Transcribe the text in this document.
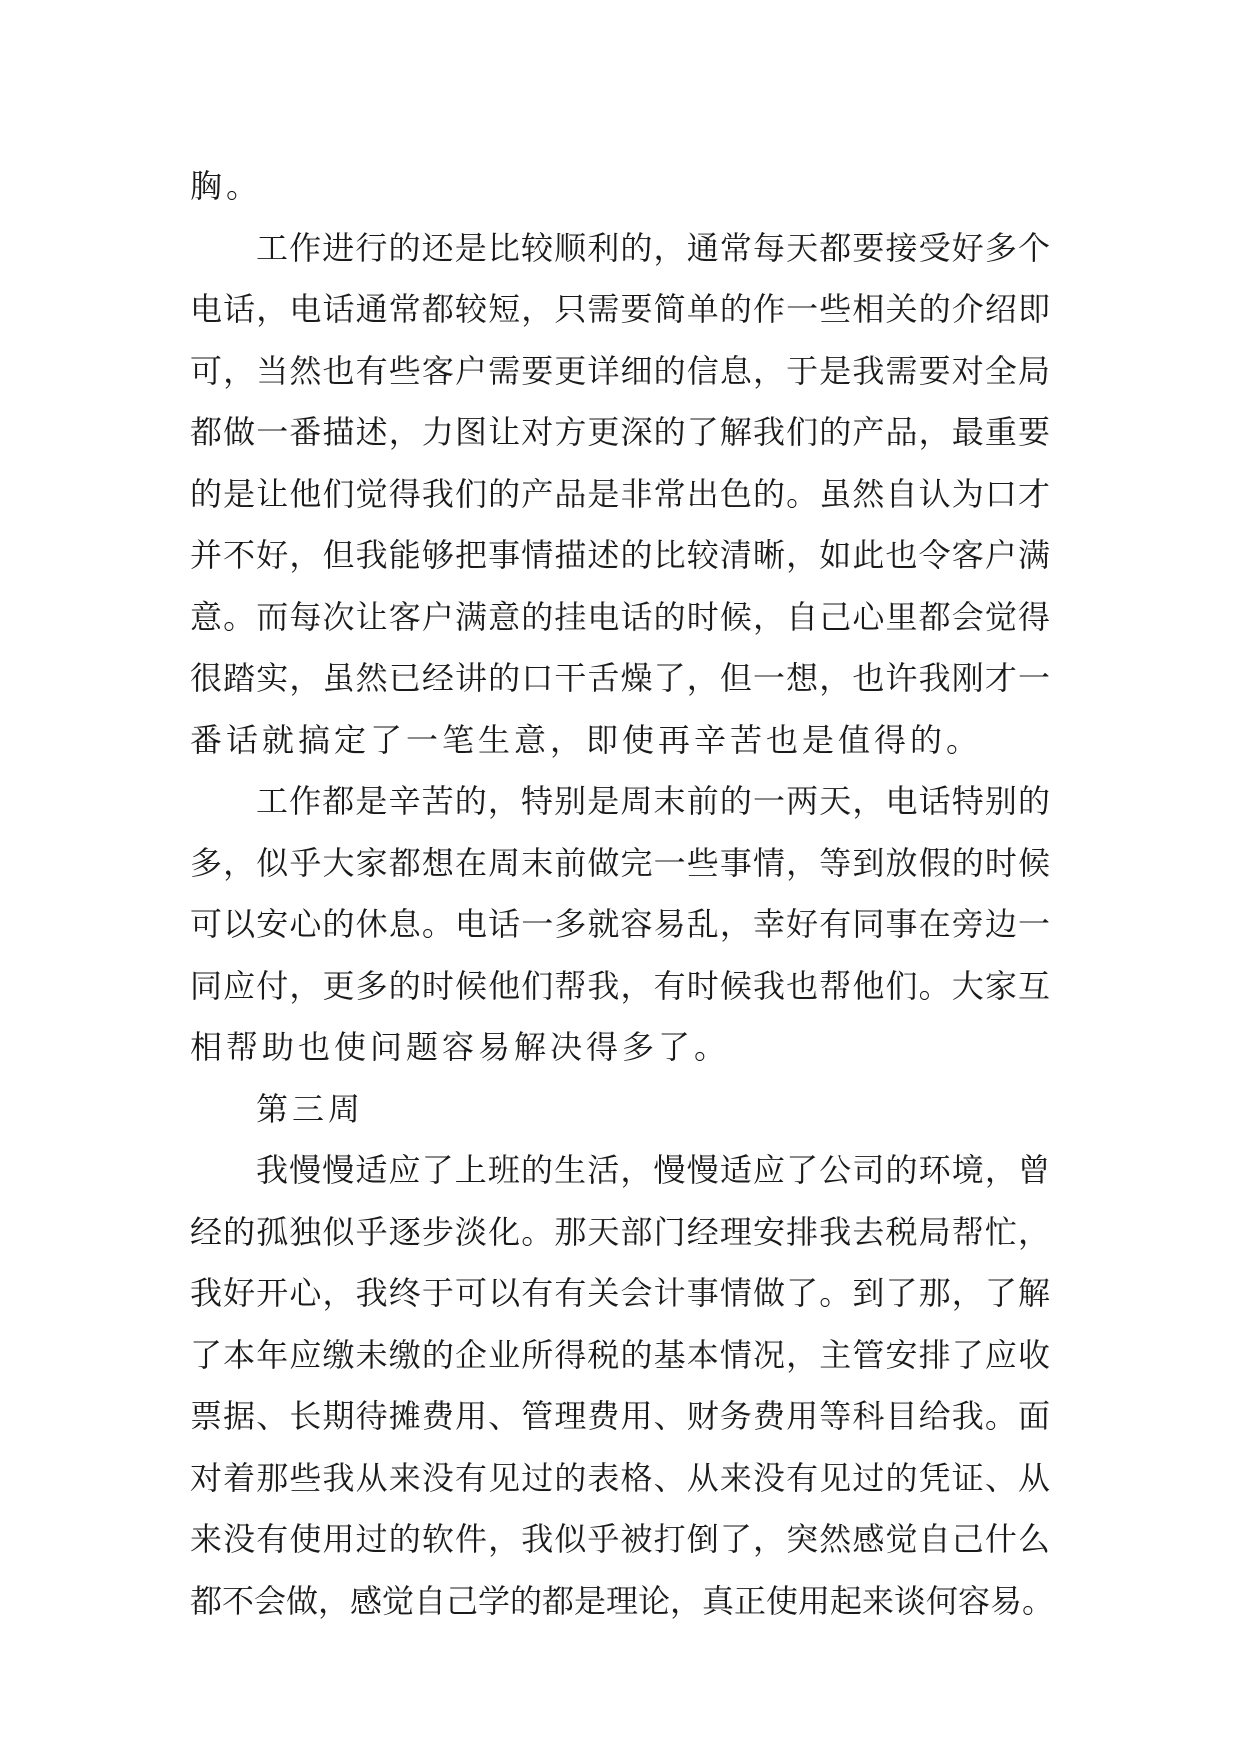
胸。
工作进行的还是比较顺利的，通常每天都要接受好多个
电话，电话通常都较短，只需要简单的作一些相关的介绍即
可，当然也有些客户需要更详细的信息，于是我需要对全局
都做一番描述，力图让对方更深的了解我们的产品，最重要
的是让他们觉得我们的产品是非常出色的。虽然自认为口才
并不好，但我能够把事情描述的比较清晰，如此也令客户满
意。而每次让客户满意的挂电话的时候，自己心里都会觉得
很踏实，虽然已经讲的口干舌燥了，但一想，也许我刚才一
番话就搞定了一笔生意，即使再辛苦也是值得的。
工作都是辛苦的，特别是周末前的一两天，电话特别的
多，似乎大家都想在周末前做完一些事情，等到放假的时候
可以安心的休息。电话一多就容易乱，幸好有同事在旁边一
同应付，更多的时候他们帮我，有时候我也帮他们。大家互
相帮助也使问题容易解决得多了。
第三周
我慢慢适应了上班的生活，慢慢适应了公司的环境，曾
经的孤独似乎逐步淡化。那天部门经理安排我去税局帮忙，
我好开心，我终于可以有有关会计事情做了。到了那，了解
了本年应缴未缴的企业所得税的基本情况，主管安排了应收
票据、长期待摊费用、管理费用、财务费用等科目给我。面
对着那些我从来没有见过的表格、从来没有见过的凭证、从
来没有使用过的软件，我似乎被打倒了，突然感觉自己什么
都不会做，感觉自己学的都是理论，真正使用起来谈何容易。
